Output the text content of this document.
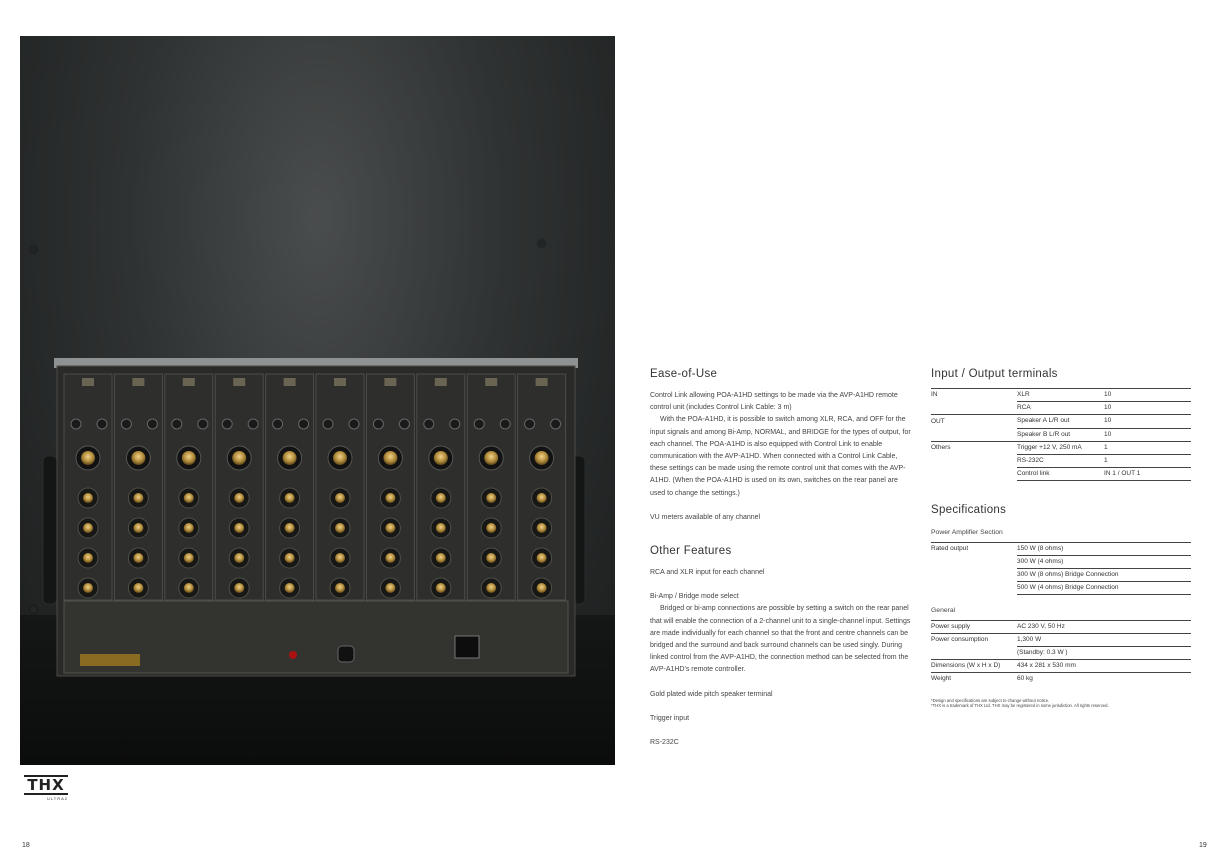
THX
ULTRA2
18	19
Ease-of-Use

Control Link allowing POA-A1HD settings to be made via the AVP-A1HD remote control unit (includes Control Link Cable: 3 m)

With the POA-A1HD, it is possible to switch among XLR, RCA, and OFF for the input signals and among Bi-Amp, NORMAL, and BRIDGE for the types of output, for each channel. The POA-A1HD is also equipped with Control Link to enable communication with the AVP-A1HD. When connected with a Control Link Cable, these settings can be made using the remote control unit that comes with the AVP-A1HD. (When the POA-A1HD is used on its own, switches on the rear panel are used to change the settings.)

VU meters available of any channel

Other Features

RCA and XLR input for each channel

Bi-Amp / Bridge mode select

Bridged or bi-amp connections are possible by setting a switch on the rear panel that will enable the connection of a 2-channel unit to a single-channel input. Settings are made individually for each channel so that the front and centre channels can be bridged and the surround and back surround channels can be used singly. During linked control from the AVP-A1HD, the connection method can be selected from the AVP-A1HD's remote controller.

Gold plated wide pitch speaker terminal

Trigger input

RS-232C

Input / Output terminals
IN	XLR	10
	RCA	10
OUT	Speaker A L/R out	10
	Speaker B L/R out	10
Others	Trigger +12 V, 250 mA	1
	RS-232C	1
	Control link	IN 1 / OUT 1
Specifications
Power Amplifier Section
Rated output	150 W (8 ohms)
	300 W (4 ohms)
	300 W (8 ohms) Bridge Connection
	500 W (4 ohms) Bridge Connection
General
Power supply	AC 230 V, 50 Hz
Power consumption	1,300 W
	(Standby: 0.3 W )
Dimensions (W x H x D)	434 x 281 x 530 mm
Weight	60 kg
*Design and specifications are subject to change without notice.
*THX is a trademark of THX Ltd. THX may be registered in some jurisdiction. All rights reserved.
